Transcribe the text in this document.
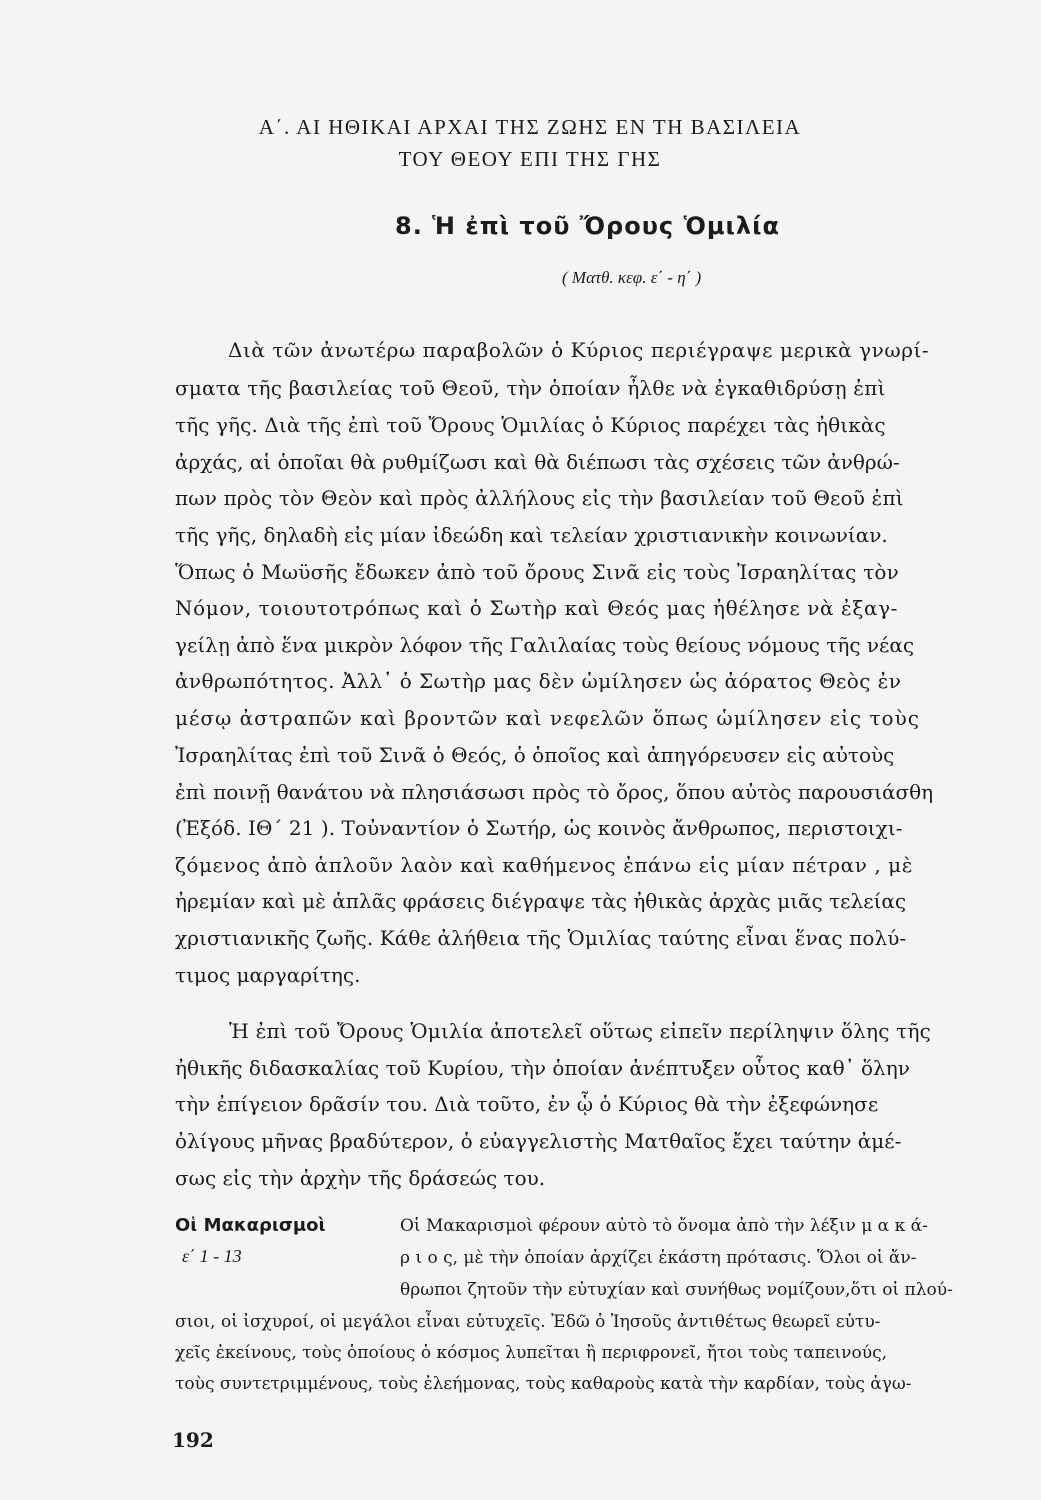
Α΄. ΑΙ ΗΘΙΚΑΙ ΑΡΧΑΙ ΤΗΣ ΖΩΗΣ ΕΝ ΤΗ ΒΑΣΙΛΕΙΑ
ΤΟΥ ΘΕΟΥ ΕΠΙ ΤΗΣ ΓΗΣ
8. Ἡ ἐπὶ τοῦ Ὄρους Ὁμιλία
( Ματθ. κεφ. ε΄ - η΄ )
Διὰ τῶν ἀνωτέρω παραβολῶν ὁ Κύριος περιέγραψε μερικὰ γνωρί-
σματα τῆς βασιλείας τοῦ Θεοῦ, τὴν ὁποίαν ἦλθε νὰ ἐγκαθιδρύσῃ ἐπὶ
τῆς γῆς. Διὰ τῆς ἐπὶ τοῦ Ὄρους Ὁμιλίας ὁ Κύριος παρέχει τὰς ἠθικὰς
ἀρχάς, αἱ ὁποῖαι θὰ ρυθμίζωσι καὶ θὰ διέπωσι τὰς σχέσεις τῶν ἀνθρώ-
πων πρὸς τὸν Θεὸν καὶ πρὸς ἀλλήλους εἰς τὴν βασιλείαν τοῦ Θεοῦ ἐπὶ
τῆς γῆς, δηλαδὴ εἰς μίαν ἰδεώδη καὶ τελείαν χριστιανικὴν κοινωνίαν.
Ὅπως ὁ Μωϋσῆς ἔδωκεν ἀπὸ τοῦ ὄρους Σινᾶ εἰς τοὺς Ἰσραηλίτας τὸν
Νόμον, τοιουτοτρόπως καὶ ὁ Σωτὴρ καὶ Θεός μας ἠθέλησε νὰ ἐξαγ-
γείλῃ ἀπὸ ἕνα μικρὸν λόφον τῆς Γαλιλαίας τοὺς θείους νόμους τῆς νέας
ἀνθρωπότητος. Ἀλλ᾽ ὁ Σωτὴρ μας δὲν ὡμίλησεν ὡς ἀόρατος Θεὸς ἐν
μέσῳ ἀστραπῶν καὶ βροντῶν καὶ νεφελῶν ὅπως ὡμίλησεν εἰς τοὺς
Ἰσραηλίτας ἐπὶ τοῦ Σινᾶ ὁ Θεός, ὁ ὁποῖος καὶ ἀπηγόρευσεν εἰς αὐτοὺς
ἐπὶ ποινῇ θανάτου νὰ πλησιάσωσι πρὸς τὸ ὄρος, ὅπου αὐτὸς παρουσιάσθη
(Ἐξόδ. ΙΘ΄ 21 ). Τοὐναντίον ὁ Σωτήρ, ὡς κοινὸς ἄνθρωπος, περιστοιχι-
ζόμενος ἀπὸ ἁπλοῦν λαὸν καὶ καθήμενος ἐπάνω εἰς μίαν πέτραν , μὲ
ἠρεμίαν καὶ μὲ ἁπλᾶς φράσεις διέγραψε τὰς ἠθικὰς ἀρχὰς μιᾶς τελείας
χριστιανικῆς ζωῆς. Κάθε ἀλήθεια τῆς Ὁμιλίας ταύτης εἶναι ἕνας πολύ-
τιμος μαργαρίτης.
Ἡ ἐπὶ τοῦ Ὄρους Ὁμιλία ἀποτελεῖ οὕτως εἰπεῖν περίληψιν ὅλης τῆς
ἠθικῆς διδασκαλίας τοῦ Κυρίου, τὴν ὁποίαν ἀνέπτυξεν οὗτος καθ᾽ ὅλην
τὴν ἐπίγειον δρᾶσίν του. Διὰ τοῦτο, ἐν ᾧ ὁ Κύριος θὰ τὴν ἐξεφώνησε
ὀλίγους μῆνας βραδύτερον, ὁ εὐαγγελιστὴς Ματθαῖος ἔχει ταύτην ἀμέ-
σως εἰς τὴν ἀρχὴν τῆς δράσεώς του.
Οἱ Μακαρισμοὶ
ε΄ 1 - 13
Οἱ Μακαρισμοὶ φέρουν αὐτὸ τὸ ὄνομα ἀπὸ τὴν λέξιν μ α κ ά-
ρ ι ο ς, μὲ τὴν ὁποίαν ἀρχίζει ἑκάστη πρότασις. Ὅλοι οἱ ἄν-
θρωποι ζητοῦν τὴν εὐτυχίαν καὶ συνήθως νομίζουν,ὅτι οἱ πλού-
σιοι, οἱ ἰσχυροί, οἱ μεγάλοι εἶναι εὐτυχεῖς. Ἐδῶ ὁ Ἰησοῦς ἀντιθέτως θεωρεῖ εὐτυ-
χεῖς ἐκείνους, τοὺς ὁποίους ὁ κόσμος λυπεῖται ἢ περιφρονεῖ, ἤτοι τοὺς ταπεινούς,
τοὺς συντετριμμένους, τοὺς ἐλεήμονας, τοὺς καθαροὺς κατὰ τὴν καρδίαν, τοὺς ἀγω-
192
